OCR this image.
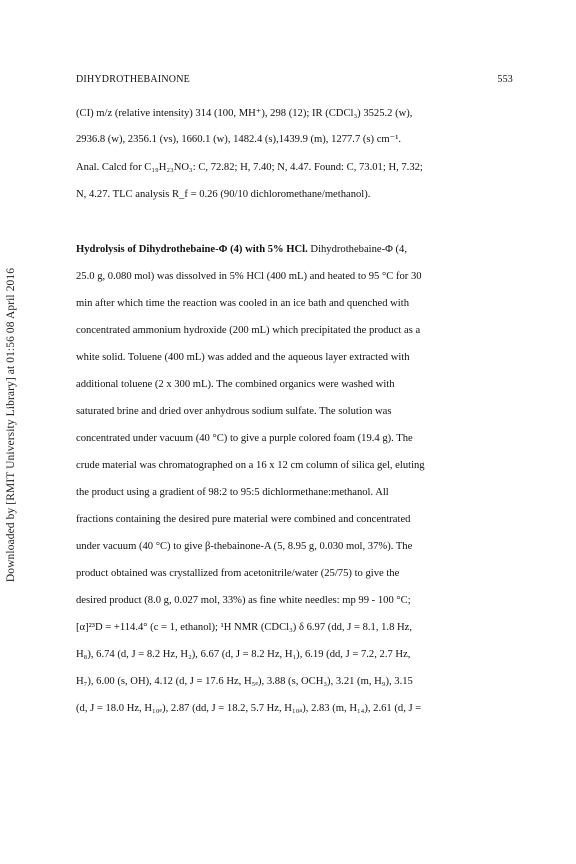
Downloaded by [RMIT University Library] at 01:56 08 April 2016
DIHYDROTHEBAINONE	553
(CI) m/z (relative intensity) 314 (100, MH⁺), 298 (12); IR (CDCl₃) 3525.2 (w),
2936.8 (w), 2356.1 (vs), 1660.1 (w), 1482.4 (s),1439.9 (m), 1277.7 (s) cm⁻¹.
Anal. Calcd for C₁₉H₂₃NO₃: C, 72.82; H, 7.40; N, 4.47. Found: C, 73.01; H, 7.32;
N, 4.27. TLC analysis R_f = 0.26 (90/10 dichloromethane/methanol).
Hydrolysis of Dihydrothebaine-Φ (4) with 5% HCl. Dihydrothebaine-Φ (4,
25.0 g, 0.080 mol) was dissolved in 5% HCl (400 mL) and heated to 95 °C for 30
min after which time the reaction was cooled in an ice bath and quenched with
concentrated ammonium hydroxide (200 mL) which precipitated the product as a
white solid. Toluene (400 mL) was added and the aqueous layer extracted with
additional toluene (2 x 300 mL). The combined organics were washed with
saturated brine and dried over anhydrous sodium sulfate. The solution was
concentrated under vacuum (40 °C) to give a purple colored foam (19.4 g). The
crude material was chromatographed on a 16 x 12 cm column of silica gel, eluting
the product using a gradient of 98:2 to 95:5 dichlormethane:methanol. All
fractions containing the desired pure material were combined and concentrated
under vacuum (40 °C) to give β-thebainone-A (5, 8.95 g, 0.030 mol, 37%). The
product obtained was crystallized from acetonitrile/water (25/75) to give the
desired product (8.0 g, 0.027 mol, 33%) as fine white needles: mp 99 - 100 °C;
[α]²³D = +114.4° (c = 1, ethanol); ¹H NMR (CDCl₃) δ 6.97 (dd, J = 8.1, 1.8 Hz,
H₈), 6.74 (d, J = 8.2 Hz, H₂), 6.67 (d, J = 8.2 Hz, H₁), 6.19 (dd, J = 7.2, 2.7 Hz,
H₇), 6.00 (s, OH), 4.12 (d, J = 17.6 Hz, H₅ₑ), 3.88 (s, OCH₃), 3.21 (m, H₉), 3.15
(d, J = 18.0 Hz, H₁₀ₑ), 2.87 (dd, J = 18.2, 5.7 Hz, H₁₀ₐ), 2.83 (m, H₁₄), 2.61 (d, J =
